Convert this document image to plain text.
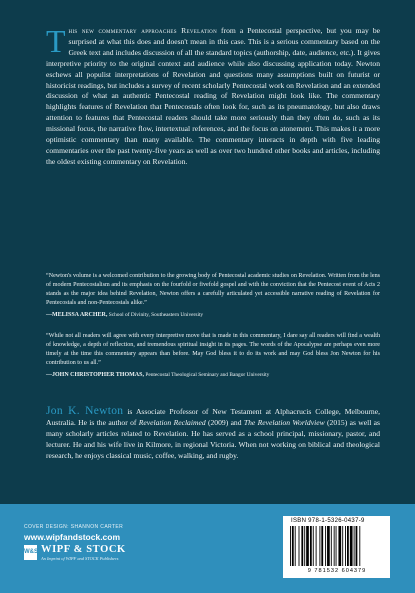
This new commentary approaches Revelation from a Pentecostal perspective, but you may be surprised at what this does and doesn't mean in this case. This is a serious commentary based on the Greek text and includes discussion of all the standard topics (authorship, date, audience, etc.). It gives interpretive priority to the original context and audience while also discussing application today. Newton eschews all populist interpretations of Revelation and questions many assumptions built on futurist or historicist readings, but includes a survey of recent scholarly Pentecostal work on Revelation and an extended discussion of what an authentic Pentecostal reading of Revelation might look like. The commentary highlights features of Revelation that Pentecostals often look for, such as its pneumatology, but also draws attention to features that Pentecostal readers should take more seriously than they often do, such as its missional focus, the narrative flow, intertextual references, and the focus on atonement. This makes it a more optimistic commentary than many available. The commentary interacts in depth with five leading commentaries over the past twenty-five years as well as over two hundred other books and articles, including the oldest existing commentary on Revelation.

“Newton's volume is a welcomed contribution to the growing body of Pentecostal academic studies on Revelation. Written from the lens of modern Pentecostalism and its emphasis on the fourfold or fivefold gospel and with the conviction that the Pentecost event of Acts 2 stands as the major idea behind Revelation, Newton offers a carefully articulated yet accessible narrative reading of Revelation for Pentecostals and non-Pentecostals alike.”
—MELISSA ARCHER, School of Divinity, Southeastern University

“While not all readers will agree with every interpretive move that is made in this commentary, I dare say all readers will find a wealth of knowledge, a depth of reflection, and tremendous spiritual insight in its pages. The words of the Apocalypse are perhaps even more timely at the time this commentary appears than before. May God bless it to do its work and may God bless Jon Newton for his contribution to us all.”
—JOHN CHRISTOPHER THOMAS, Pentecostal Theological Seminary and Bangor University

Jon K. Newton is Associate Professor of New Testament at Alphacrucis College, Melbourne, Australia. He is the author of Revelation Reclaimed (2009) and The Revelation Worldview (2015) as well as many scholarly articles related to Revelation. He has served as a school principal, missionary, pastor, and lecturer. He and his wife live in Kilmore, in regional Victoria. When not working on biblical and theological research, he enjoys classical music, coffee, walking, and rugby.

COVER DESIGN: SHANNON CARTER
www.wipfandstock.com
W&S WIPF & STOCK
An Imprint of WIPF and STOCK Publishers
ISBN 978-1-5326-0437-9
9 781532 604379
